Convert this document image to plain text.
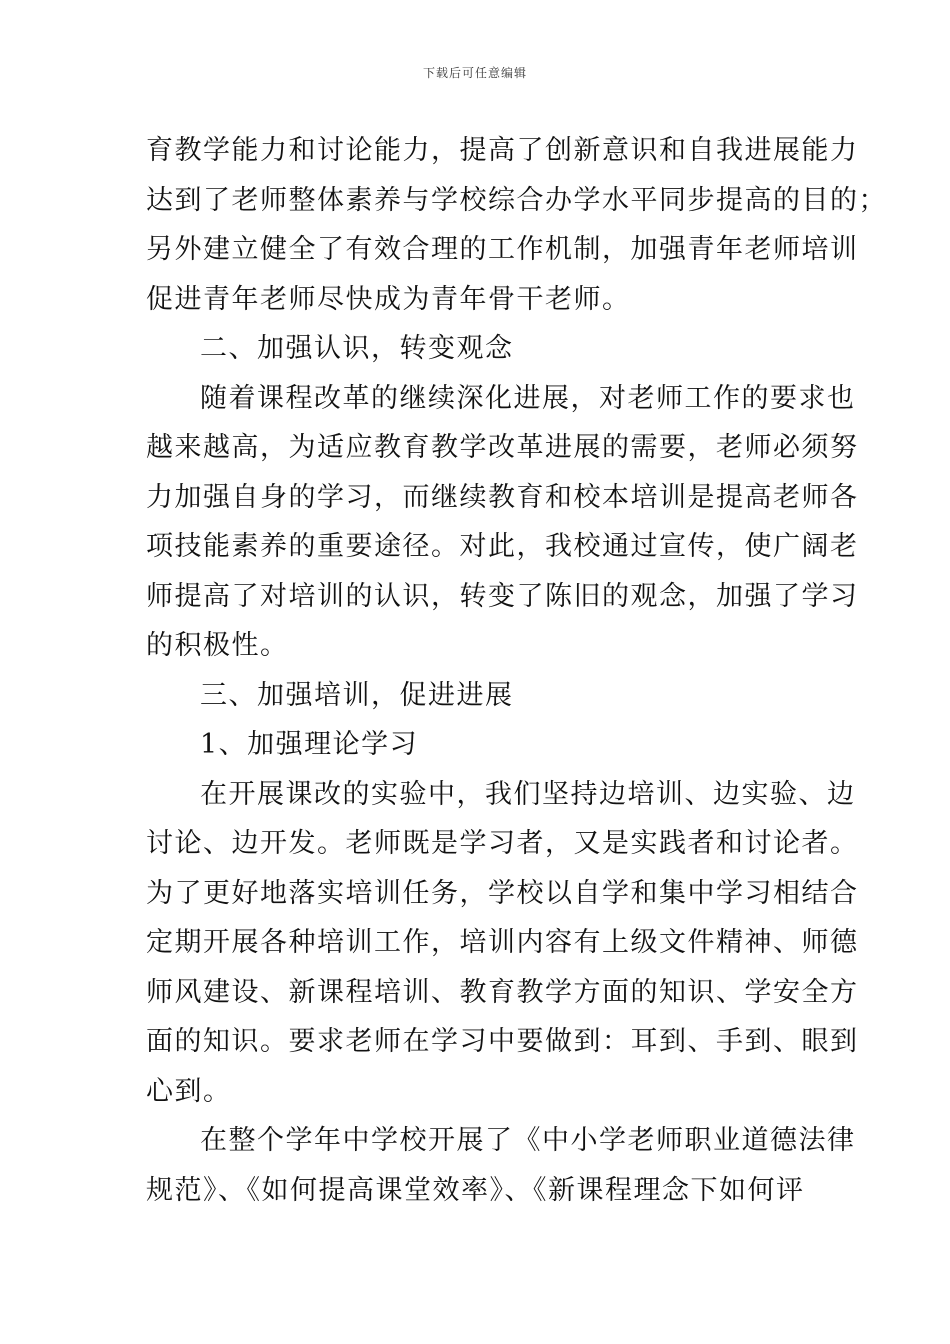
下载后可任意编辑
育教学能力和讨论能力，提高了创新意识和自我进展能力
达到了老师整体素养与学校综合办学水平同步提高的目的；
另外建立健全了有效合理的工作机制，加强青年老师培训
促进青年老师尽快成为青年骨干老师。
二、加强认识，转变观念
随着课程改革的继续深化进展，对老师工作的要求也
越来越高，为适应教育教学改革进展的需要，老师必须努
力加强自身的学习，而继续教育和校本培训是提高老师各
项技能素养的重要途径。对此，我校通过宣传，使广阔老
师提高了对培训的认识，转变了陈旧的观念，加强了学习
的积极性。
三、加强培训，促进进展
1、加强理论学习
在开展课改的实验中，我们坚持边培训、边实验、边
讨论、边开发。老师既是学习者，又是实践者和讨论者。
为了更好地落实培训任务，学校以自学和集中学习相结合
定期开展各种培训工作，培训内容有上级文件精神、师德
师风建设、新课程培训、教育教学方面的知识、学安全方
面的知识。要求老师在学习中要做到：耳到、手到、眼到
心到。
在整个学年中学校开展了《中小学老师职业道德法律
规范》、《如何提高课堂效率》、《新课程理念下如何评
